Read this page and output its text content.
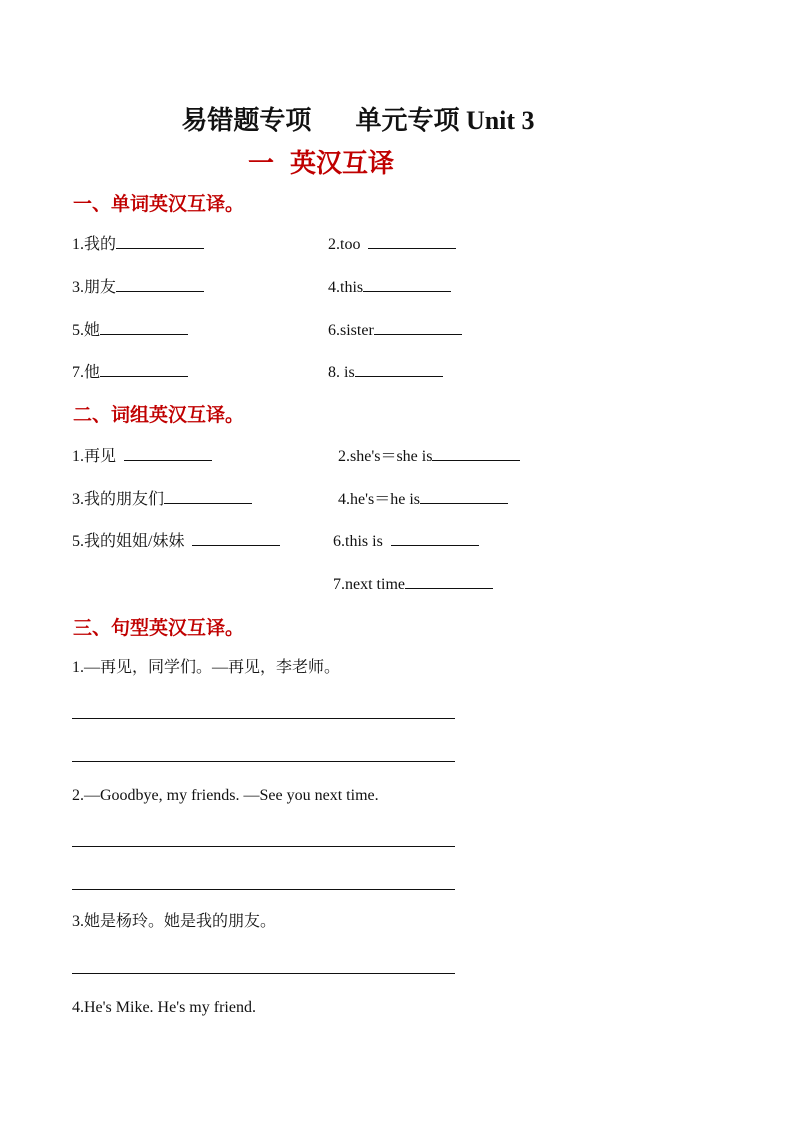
易错题专项 单元专项 Unit 3
一 英汉互译
一、单词英汉互译。
1.我的	2.too
3.朋友	4.this
5.她	6.sister
7.他	8. is
二、词组英汉互译。
1.再见	2.she's＝she is
3.我的朋友们	4.he's＝he is
5.我的姐姐/妹妹	6.this is
7.next time
三、句型英汉互译。
1.—再见，同学们。—再见，李老师。
2.—Goodbye, my friends. —See you next time.
3.她是杨玲。她是我的朋友。
4.He's Mike. He's my friend.
